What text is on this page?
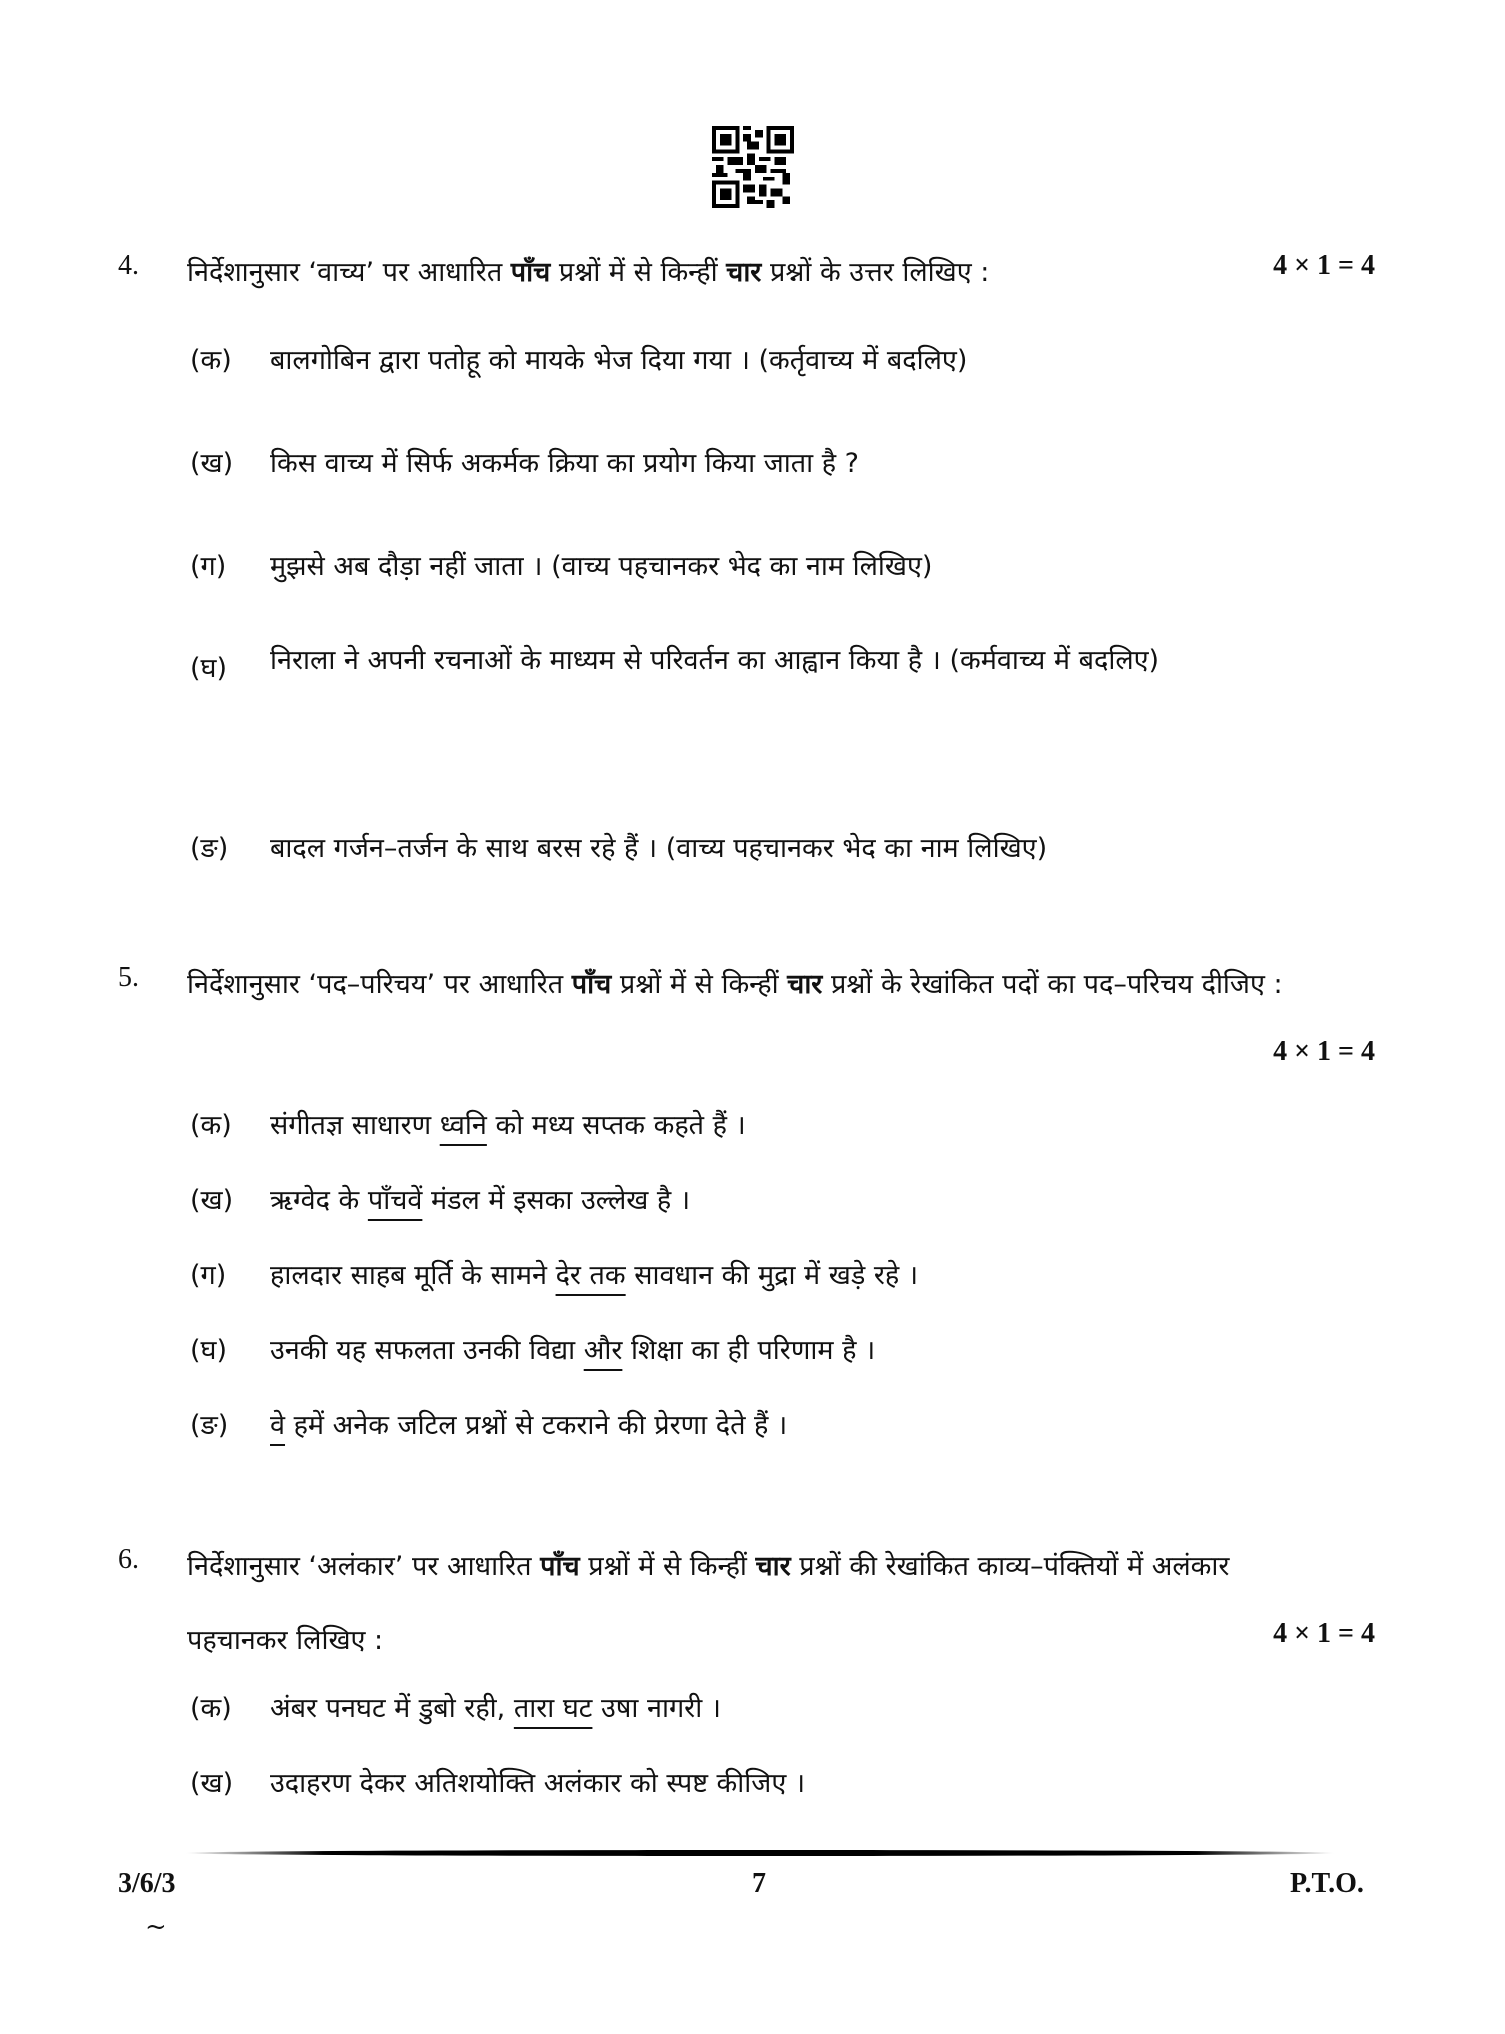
4. निर्देशानुसार ‘वाच्य’ पर आधारित पाँच प्रश्नों में से किन्हीं चार प्रश्नों के उत्तर लिखिए :	4 × 1 = 4
(क) बालगोबिन द्वारा पतोहू को मायके भेज दिया गया । (कर्तृवाच्य में बदलिए)
(ख) किस वाच्य में सिर्फ अकर्मक क्रिया का प्रयोग किया जाता है ?
(ग) मुझसे अब दौड़ा नहीं जाता । (वाच्य पहचानकर भेद का नाम लिखिए)
(घ) निराला ने अपनी रचनाओं के माध्यम से परिवर्तन का आह्वान किया है । (कर्मवाच्य में बदलिए)
(ङ) बादल गर्जन–तर्जन के साथ बरस रहे हैं । (वाच्य पहचानकर भेद का नाम लिखिए)
5. निर्देशानुसार ‘पद–परिचय’ पर आधारित पाँच प्रश्नों में से किन्हीं चार प्रश्नों के रेखांकित पदों का पद–परिचय दीजिए :
4 × 1 = 4
(क) संगीतज्ञ साधारण ध्वनि को मध्य सप्तक कहते हैं ।
(ख) ऋग्वेद के पाँचवें मंडल में इसका उल्लेख है ।
(ग) हालदार साहब मूर्ति के सामने देर तक सावधान की मुद्रा में खड़े रहे ।
(घ) उनकी यह सफलता उनकी विद्या और शिक्षा का ही परिणाम है ।
(ङ) वे हमें अनेक जटिल प्रश्नों से टकराने की प्रेरणा देते हैं ।
6. निर्देशानुसार ‘अलंकार’ पर आधारित पाँच प्रश्नों में से किन्हीं चार प्रश्नों की रेखांकित काव्य–पंक्तियों में अलंकार पहचानकर लिखिए :	4 × 1 = 4
(क) अंबर पनघट में डुबो रही, तारा घट उषा नागरी ।
(ख) उदाहरण देकर अतिशयोक्ति अलंकार को स्पष्ट कीजिए ।
3/6/3	7	P.T.O.
~
